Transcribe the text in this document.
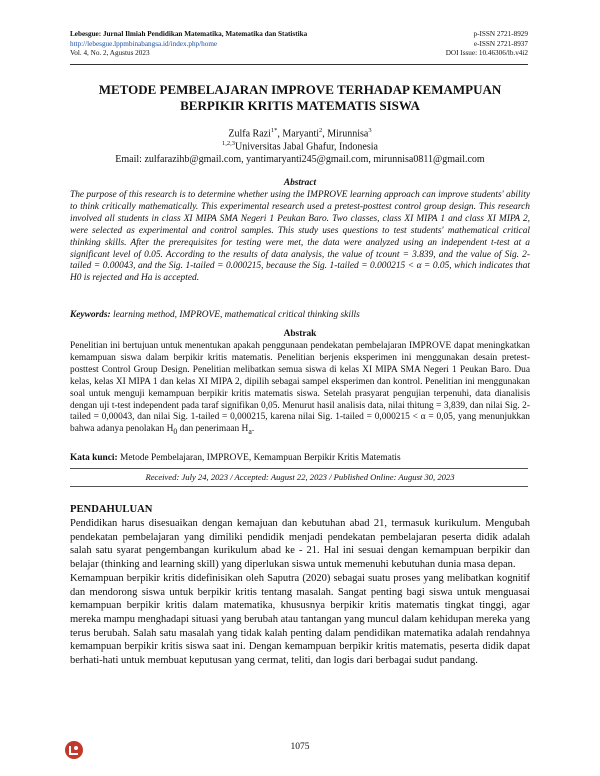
Lebesgue: Jurnal Ilmiah Pendidikan Matematika, Matematika dan Statistika
http://lebesgue.lppmbinabangsa.id/index.php/home
Vol. 4, No. 2, Agustus 2023
p-ISSN 2721-8929
e-ISSN 2721-8937
DOI Issue: 10.46306/lb.v4i2
METODE PEMBELAJARAN IMPROVE TERHADAP KEMAMPUAN
BERPIKIR KRITIS MATEMATIS SISWA
Zulfa Razi$^{1*}$, Maryanti$^2$, Mirunnisa$^3$
$^{1,2,3}$Universitas Jabal Ghafur, Indonesia
Email: zulfarazihb@gmail.com, yantimaryanti245@gmail.com, mirunnisa0811@gmail.com
Abstract
The purpose of this research is to determine whether using the IMPROVE learning approach can improve students' ability to think critically mathematically. This experimental research used a pretest-posttest control group design. This research involved all students in class XI MIPA SMA Negeri 1 Peukan Baro. Two classes, class XI MIPA 1 and class XI MIPA 2, were selected as experimental and control samples. This study uses questions to test students' mathematical critical thinking skills. After the prerequisites for testing were met, the data were analyzed using an independent t-test at a significant level of 0.05. According to the results of data analysis, the value of tcount = 3.839, and the value of Sig. 2-tailed = 0.00043, and the Sig. 1-tailed = 0.000215, because the Sig. 1-tailed = 0.000215 < α = 0.05, which indicates that H0 is rejected and Ha is accepted.
Keywords: learning method, IMPROVE, mathematical critical thinking skills
Abstrak
Penelitian ini bertujuan untuk menentukan apakah penggunaan pendekatan pembelajaran IMPROVE dapat meningkatkan kemampuan siswa dalam berpikir kritis matematis. Penelitian berjenis eksperimen ini menggunakan desain pretest-posttest Control Group Design. Penelitian melibatkan semua siswa di kelas XI MIPA SMA Negeri 1 Peukan Baro. Dua kelas, kelas XI MIPA 1 dan kelas XI MIPA 2, dipilih sebagai sampel eksperimen dan kontrol. Penelitian ini menggunakan soal untuk menguji kemampuan berpikir kritis matematis siswa. Setelah prasyarat pengujian terpenuhi, data dianalisis dengan uji t-test independent pada taraf signifikan 0,05. Menurut hasil analisis data, nilai thitung = 3,839, dan nilai Sig. 2-tailed = 0,00043, dan nilai Sig. 1-tailed = 0,000215, karena nilai Sig. 1-tailed = 0,000215 < α = 0,05, yang menunjukkan bahwa adanya penolakan $H_0$ dan penerimaan $H_a$.
Kata kunci: Metode Pembelajaran, IMPROVE, Kemampuan Berpikir Kritis Matematis
Received: July 24, 2023 / Accepted: August 22, 2023 / Published Online: August 30, 2023
PENDAHULUAN

Pendidikan harus disesuaikan dengan kemajuan dan kebutuhan abad 21, termasuk kurikulum. Mengubah pendekatan pembelajaran yang dimiliki pendidik menjadi pendekatan pembelajaran peserta didik adalah salah satu syarat pengembangan kurikulum abad ke - 21. Hal ini sesuai dengan kemampuan berpikir dan belajar (thinking and learning skill) yang diperlukan siswa untuk memenuhi kebutuhan dunia masa depan.

Kemampuan berpikir kritis didefinisikan oleh Saputra (2020) sebagai suatu proses yang melibatkan kognitif dan mendorong siswa untuk berpikir kritis tentang masalah. Sangat penting bagi siswa untuk menguasai kemampuan berpikir kritis dalam matematika, khususnya berpikir kritis matematis tingkat tinggi, agar mereka mampu menghadapi situasi yang berubah atau tantangan yang muncul dalam kehidupan mereka yang terus berubah. Salah satu masalah yang tidak kalah penting dalam pendidikan matematika adalah rendahnya kemampuan berpikir kritis siswa saat ini. Dengan kemampuan berpikir kritis matematis, peserta didik dapat berhati-hati untuk membuat keputusan yang cermat, teliti, dan logis dari berbagai sudut pandang.

1075
